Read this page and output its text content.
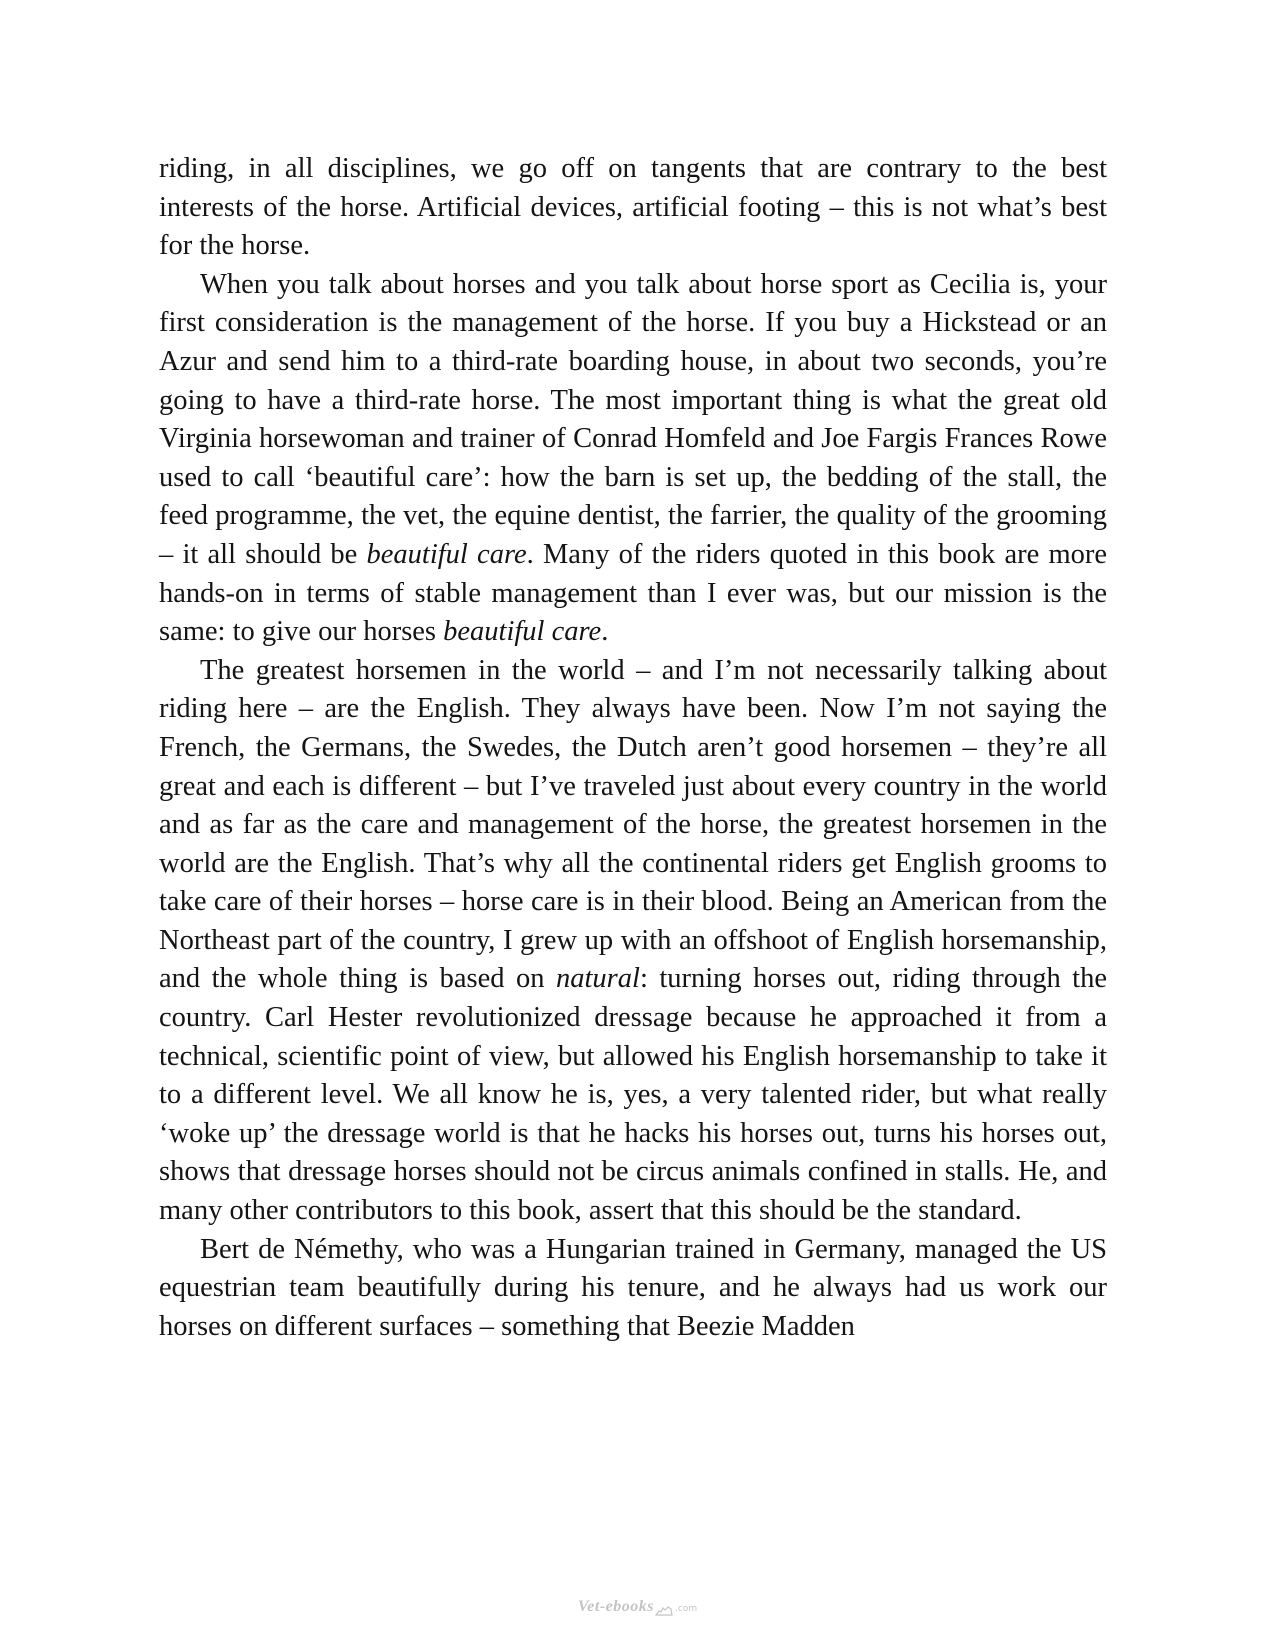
riding, in all disciplines, we go off on tangents that are contrary to the best interests of the horse. Artificial devices, artificial footing – this is not what’s best for the horse.

When you talk about horses and you talk about horse sport as Cecilia is, your first consideration is the management of the horse. If you buy a Hickstead or an Azur and send him to a third-rate boarding house, in about two seconds, you’re going to have a third-rate horse. The most important thing is what the great old Virginia horsewoman and trainer of Conrad Homfeld and Joe Fargis Frances Rowe used to call ‘beautiful care’: how the barn is set up, the bedding of the stall, the feed programme, the vet, the equine dentist, the farrier, the quality of the grooming – it all should be beautiful care. Many of the riders quoted in this book are more hands-on in terms of stable management than I ever was, but our mission is the same: to give our horses beautiful care.

The greatest horsemen in the world – and I’m not necessarily talking about riding here – are the English. They always have been. Now I’m not saying the French, the Germans, the Swedes, the Dutch aren’t good horsemen – they’re all great and each is different – but I’ve traveled just about every country in the world and as far as the care and management of the horse, the greatest horsemen in the world are the English. That’s why all the continental riders get English grooms to take care of their horses – horse care is in their blood. Being an American from the Northeast part of the country, I grew up with an offshoot of English horsemanship, and the whole thing is based on natural: turning horses out, riding through the country. Carl Hester revolutionized dressage because he approached it from a technical, scientific point of view, but allowed his English horsemanship to take it to a different level. We all know he is, yes, a very talented rider, but what really ‘woke up’ the dressage world is that he hacks his horses out, turns his horses out, shows that dressage horses should not be circus animals confined in stalls. He, and many other contributors to this book, assert that this should be the standard.

Bert de Némethy, who was a Hungarian trained in Germany, managed the US equestrian team beautifully during his tenure, and he always had us work our horses on different surfaces – something that Beezie Madden

Vet-ebooks .com
